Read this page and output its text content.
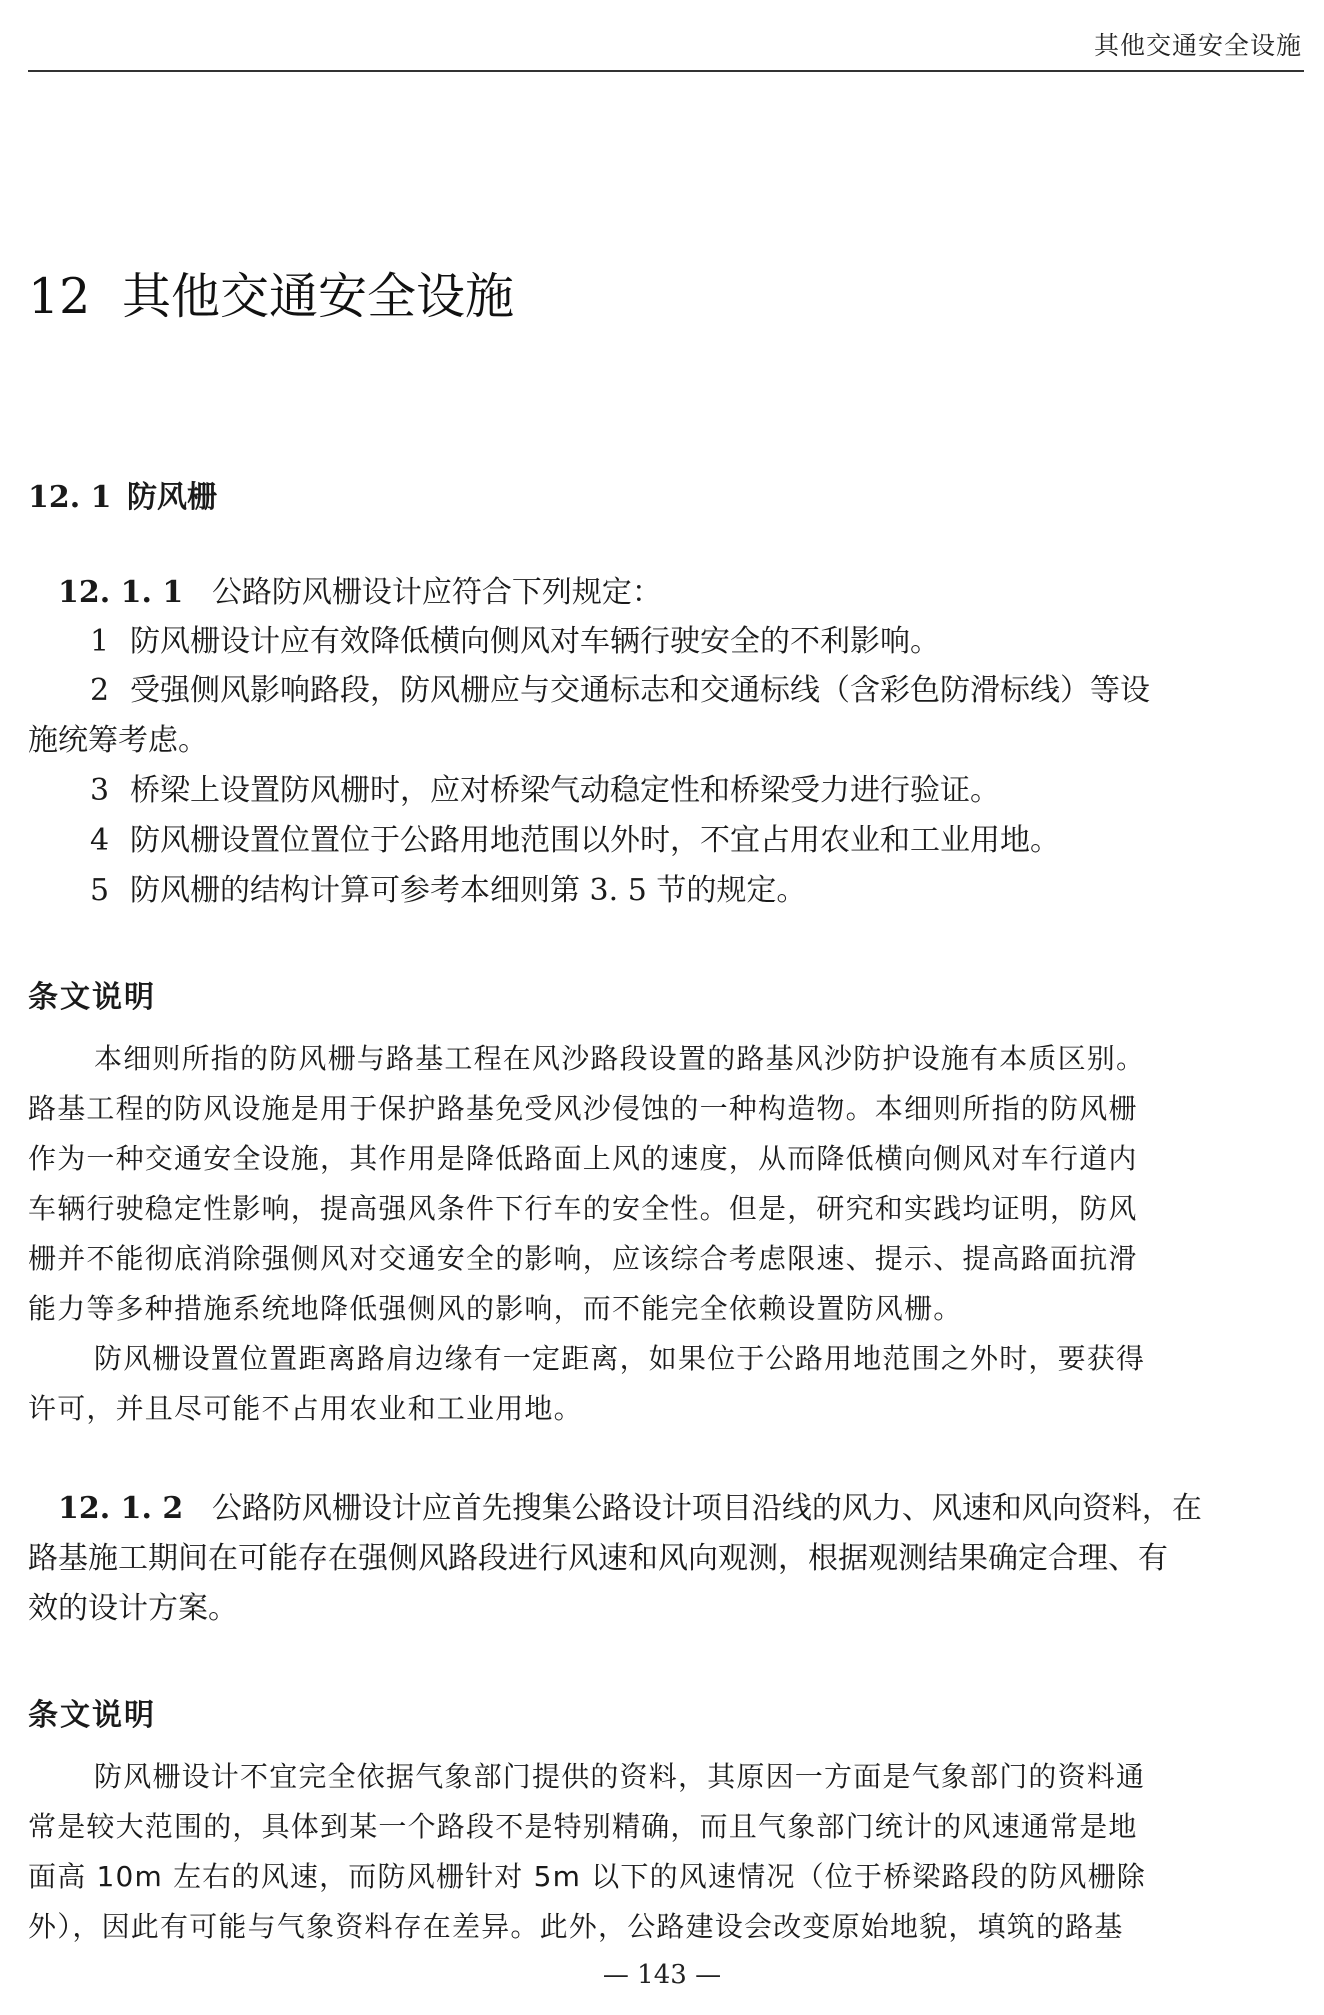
其他交通安全设施
12 其他交通安全设施
12. 1 防风栅
12. 1. 1 公路防风栅设计应符合下列规定：
1 防风栅设计应有效降低横向侧风对车辆行驶安全的不利影响。
2 受强侧风影响路段，防风栅应与交通标志和交通标线（含彩色防滑标线）等设
施统筹考虑。
3 桥梁上设置防风栅时，应对桥梁气动稳定性和桥梁受力进行验证。
4 防风栅设置位置位于公路用地范围以外时，不宜占用农业和工业用地。
5 防风栅的结构计算可参考本细则第 3. 5 节的规定。
条文说明
本细则所指的防风栅与路基工程在风沙路段设置的路基风沙防护设施有本质区别。
路基工程的防风设施是用于保护路基免受风沙侵蚀的一种构造物。本细则所指的防风栅
作为一种交通安全设施，其作用是降低路面上风的速度，从而降低横向侧风对车行道内
车辆行驶稳定性影响，提高强风条件下行车的安全性。但是，研究和实践均证明，防风
栅并不能彻底消除强侧风对交通安全的影响，应该综合考虑限速、提示、提高路面抗滑
能力等多种措施系统地降低强侧风的影响，而不能完全依赖设置防风栅。
防风栅设置位置距离路肩边缘有一定距离，如果位于公路用地范围之外时，要获得
许可，并且尽可能不占用农业和工业用地。
12. 1. 2 公路防风栅设计应首先搜集公路设计项目沿线的风力、风速和风向资料，在
路基施工期间在可能存在强侧风路段进行风速和风向观测，根据观测结果确定合理、有
效的设计方案。
条文说明
防风栅设计不宜完全依据气象部门提供的资料，其原因一方面是气象部门的资料通
常是较大范围的，具体到某一个路段不是特别精确，而且气象部门统计的风速通常是地
面高 10m 左右的风速，而防风栅针对 5m 以下的风速情况（位于桥梁路段的防风栅除
外），因此有可能与气象资料存在差异。此外，公路建设会改变原始地貌，填筑的路基
— 143 —
